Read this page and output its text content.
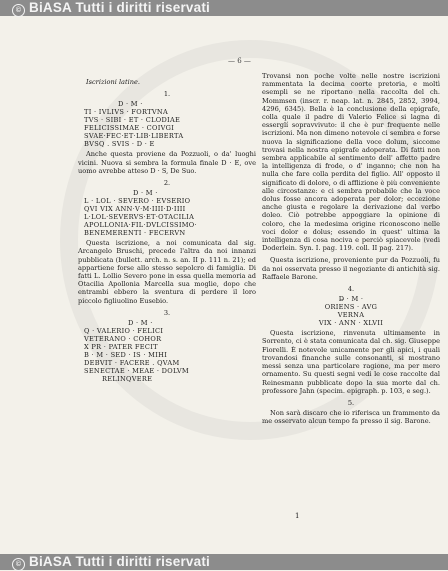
© BiASA Tutti i diritti riservati
— 6 —
Iscrizioni latine.
1.
D · M ·
TI · IVLIVS · FORTVNA
TVS · SIBI · ET · CLODIAE
FELICISSIMAE · COIVGI
SVAE·FEC·ET·LIB·LIBERTA
BVSQ . SVIS · D · E

Anche questa proviene da Pozzuoli, o da' luoghi vicini. Nuova si sembra la formula finale D · E, ove uomo avrebbe atteso D · S, De Suo.

2.
D · M ·
L · LOL · SEVERO · EVSERIO
QVI VIX ANN·V·M·IIII·D·IIII
L·LOL·SEVERVS·ET·OTACILIA
APOLLONIA·FIL·DVLCISSIMO·
BENEMERENTI · FECERVN

Questa iscrizione, a noi comunicata dal sig. Arcangelo Bruschi, precede l'altra da noi innanzi pubblicata (bullett. arch. n. s. an. II p. 111 n. 21); ed appartiene forse allo stesso sepolcro di famiglia. Di fatti L. Lollio Severo pone in essa quella memoria ad Otacilia Apollonia Marcella sua moglie, dopo che entrambi ebbero la sventura di perdere il loro piccolo figliuolino Eusebio.

3.
D · M ·
Q · VALERIO · FELICI
VETERANO · COHOR
X PR · PATER FECIT
B · M · SED · IS · MIHI
DEBVIT · FACERE . QVAM
SENECTAE · MEAE · DOLVM
RELINQVERE

Trovansi non poche volte nelle nostre iscrizioni rammentata la decima coorte pretoria, e moltì esempli se ne riportano nella raccolta del ch. Mommsen (inscr. r. neap. lat. n. 2845, 2852, 3994, 4296, 6345). Bella è la conclusione della epigrafe, colla quale il padre di Valerio Felice si lagna di esserglí sopravvivuto: il che è pur frequente nelle iscrizioni. Ma non dimeno notevole ci sembra e forse nuova la significazione della voce dolum, siccome trovasi nella nostra epigrafe adoperata. Di fatti non sembra applicabile al sentimento dell' affetto padre la intelligenza di frode, o d' inganno; che non ha nulla che fare colla perdita del figlio. All' opposto il significato di dolore, o di afflizione è più conveniente alle circostanze: e ci sembra probabile che la voce dolus fosse ancora adoperata per dolor; eccezione anche giusta e regolare la derivazione dal verbo doleo. Ciò potrebbe appoggiare la opinione di coloro, che la medesima origine riconoscono nelle voci dolor e dolus; essendo in quest' ultima la intelligenza di cosa nociva e perciò spiacevole (vedi Doderlein. Syn. I. pag. 119. coll. II pag. 217).

Questa iscrizione, proveniente pur da Pozzuoli, fu da noi osservata presso il negoziante di antichità sig. Raffaele Barone.

4.
D̶ · M ·
ORIENS · AVG
VERNA
VIX · ANN · XLVII

Questa iscrizione, rinvenuta ultimamente in Sorrento, ci è stata comunicata dal ch. sig. Giuseppe Fiorelli. È notevole unicamente per gli apici, i quali trovandosi finanche sulle consonanti, si mostrano messi senza una particolare ragione, ma per mero ornamento. Su questi segni vedi le cose raccolte dal Reinesmann pubblicate dopo la sua morte dal ch. professore Jahn (specim. epigraph. p. 103, e seg.).

5.

Non sarà discaro che io riferisca un frammento da me osservato alcun tempo fa presso il sig. Barone.

1
© BiASA Tutti i diritti riservati
